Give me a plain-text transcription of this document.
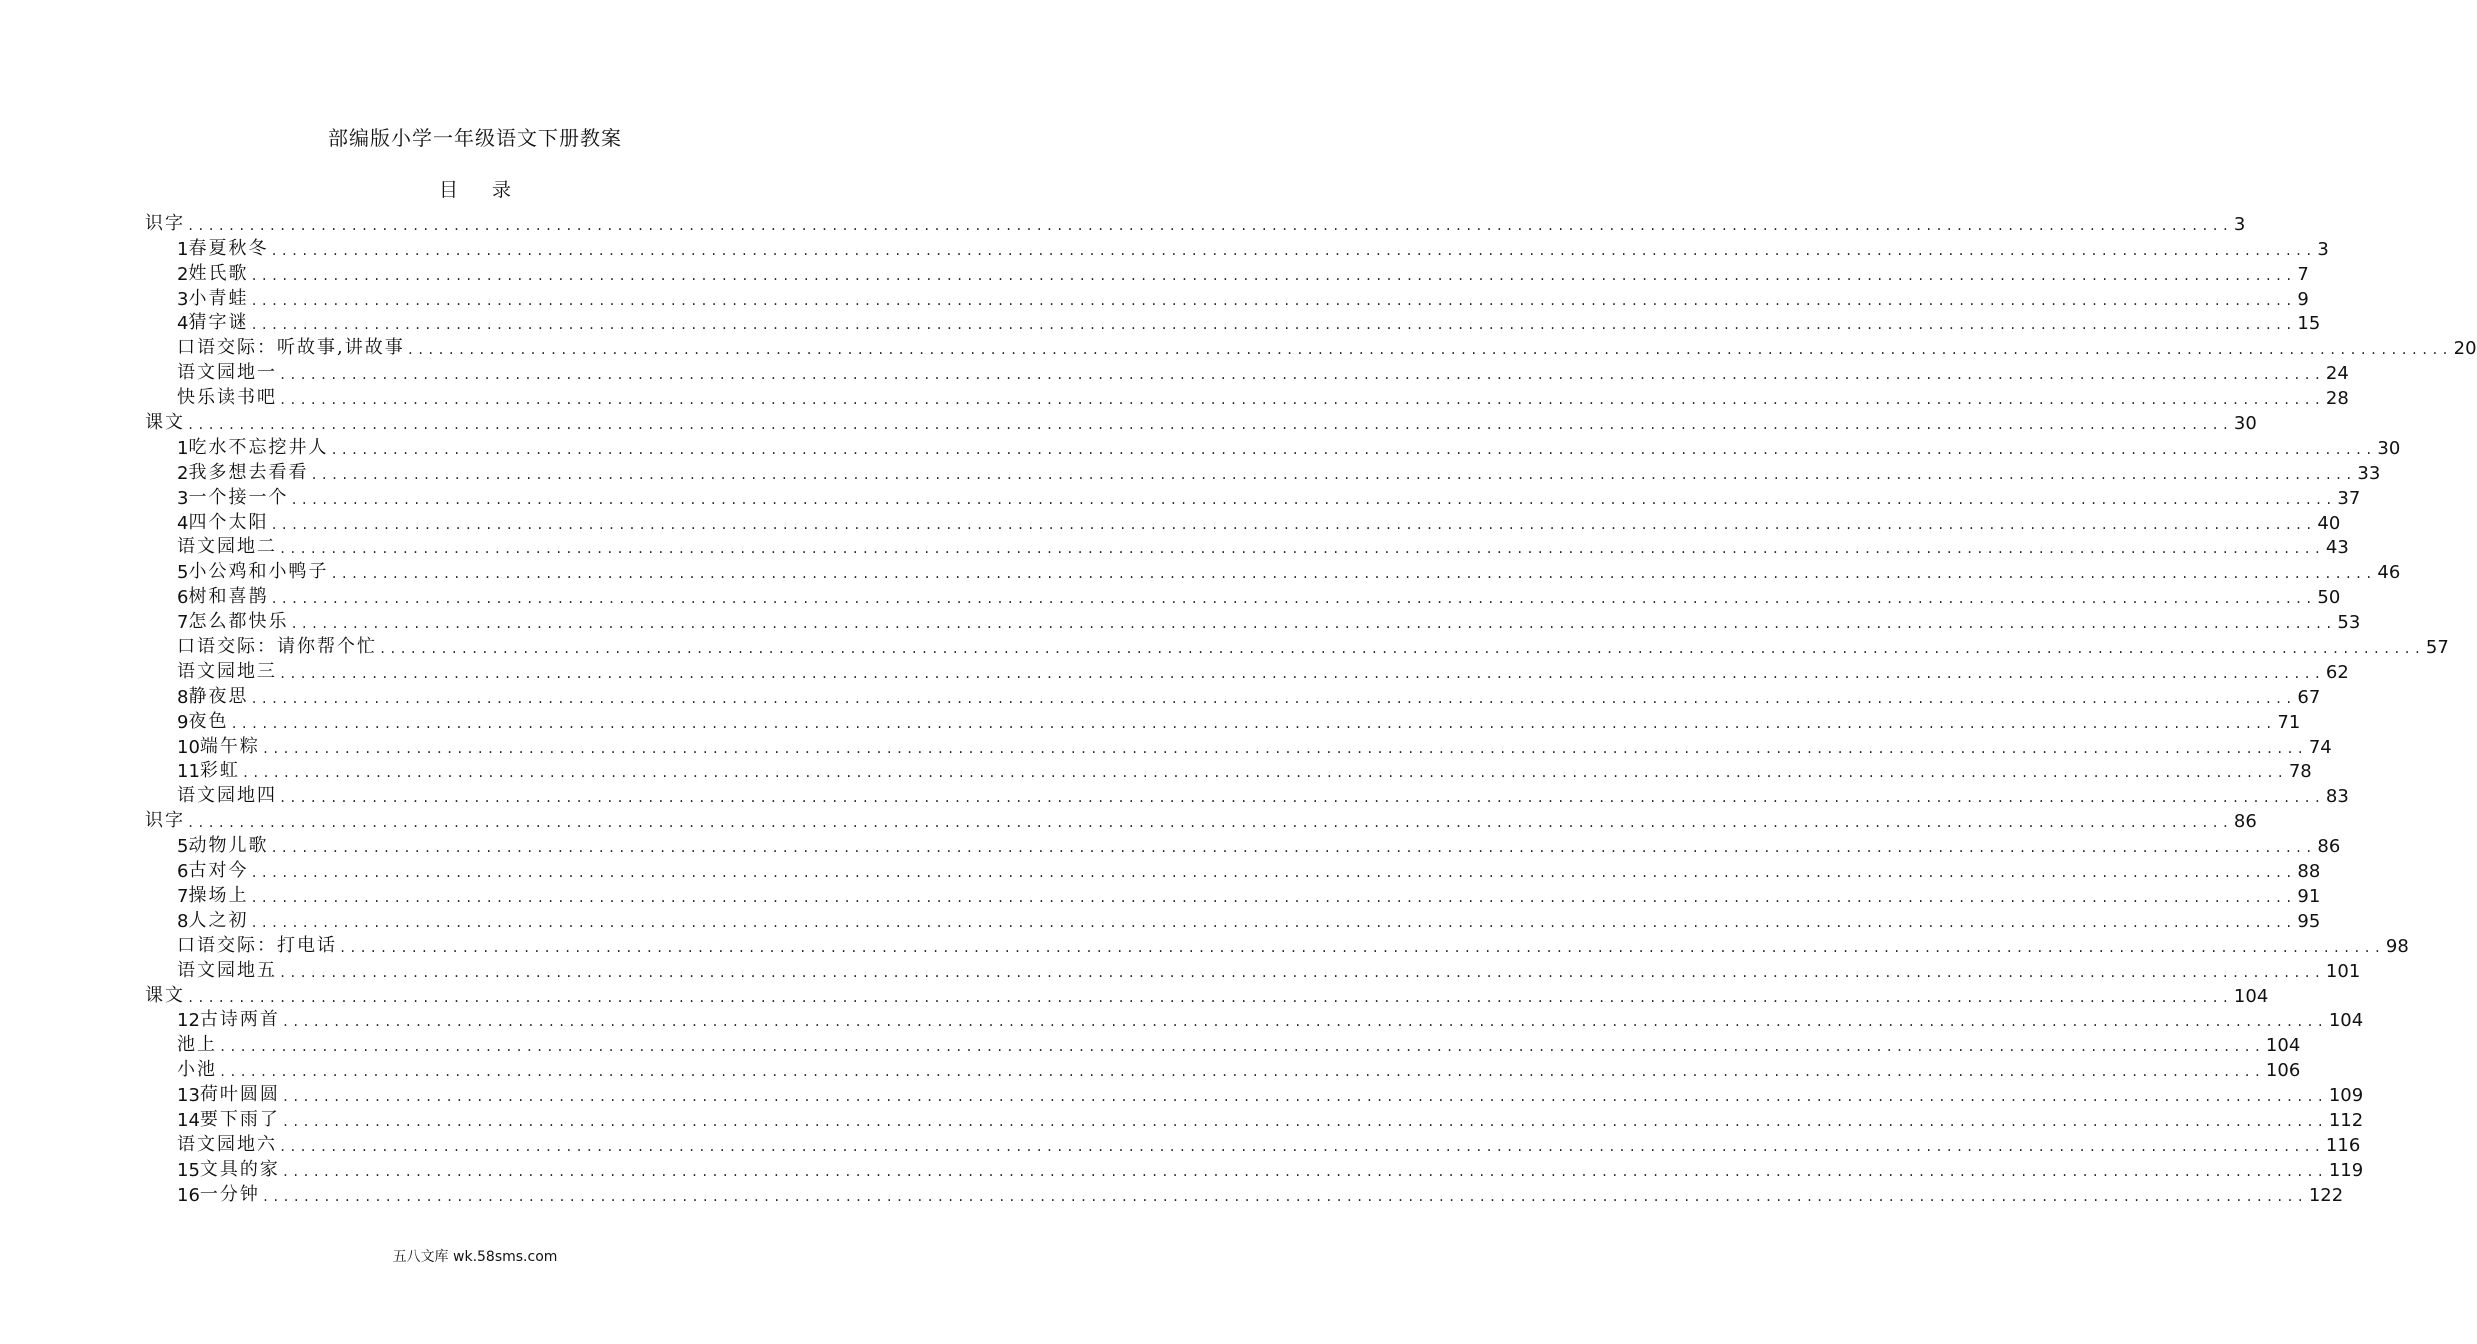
部编版小学一年级语文下册教案
目 录
识字 ........................................................................................................................................................................................................ 3
1 春夏秋冬 ........................................................................................................................................................................................................ 3
2 姓氏歌 ........................................................................................................................................................................................................ 7
3 小青蛙 ........................................................................................................................................................................................................ 9
4 猜字谜 ........................................................................................................................................................................................................ 15
口语交际：听故事,讲故事 ........................................................................................................................................................................................................ 20
语文园地一 ........................................................................................................................................................................................................ 24
快乐读书吧 ........................................................................................................................................................................................................ 28
课文 ........................................................................................................................................................................................................ 30
1 吃水不忘挖井人 ........................................................................................................................................................................................................ 30
2 我多想去看看 ........................................................................................................................................................................................................ 33
3 一个接一个 ........................................................................................................................................................................................................ 37
4 四个太阳 ........................................................................................................................................................................................................ 40
语文园地二 ........................................................................................................................................................................................................ 43
5 小公鸡和小鸭子 ........................................................................................................................................................................................................ 46
6 树和喜鹊 ........................................................................................................................................................................................................ 50
7 怎么都快乐 ........................................................................................................................................................................................................ 53
口语交际：请你帮个忙 ........................................................................................................................................................................................................ 57
语文园地三 ........................................................................................................................................................................................................ 62
8 静夜思 ........................................................................................................................................................................................................ 67
9 夜色 ........................................................................................................................................................................................................ 71
10 端午粽 ........................................................................................................................................................................................................ 74
11 彩虹 ........................................................................................................................................................................................................ 78
语文园地四 ........................................................................................................................................................................................................ 83
识字 ........................................................................................................................................................................................................ 86
5 动物儿歌 ........................................................................................................................................................................................................ 86
6 古对今 ........................................................................................................................................................................................................ 88
7 操场上 ........................................................................................................................................................................................................ 91
8 人之初 ........................................................................................................................................................................................................ 95
口语交际：打电话 ........................................................................................................................................................................................................ 98
语文园地五 ........................................................................................................................................................................................................ 101
课文 ........................................................................................................................................................................................................ 104
12 古诗两首 ........................................................................................................................................................................................................ 104
池上 ........................................................................................................................................................................................................ 104
小池 ........................................................................................................................................................................................................ 106
13 荷叶圆圆 ........................................................................................................................................................................................................ 109
14 要下雨了 ........................................................................................................................................................................................................ 112
语文园地六 ........................................................................................................................................................................................................ 116
15 文具的家 ........................................................................................................................................................................................................ 119
16 一分钟 ........................................................................................................................................................................................................ 122
五八文库 wk.58sms.com
